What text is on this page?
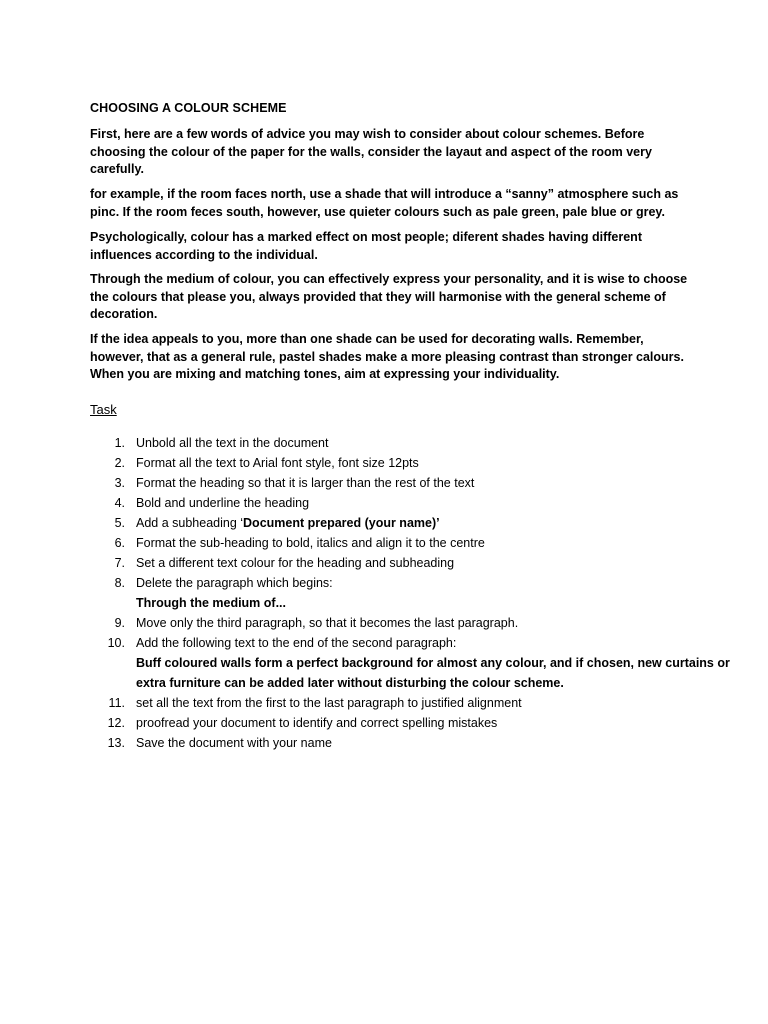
CHOOSING A COLOUR SCHEME

First, here are a few words of advice you may wish to consider about colour schemes. Before choosing the colour of the paper for the walls, consider the layaut and aspect of the room very carefully.

for example, if the room faces north, use a shade that will introduce a “sanny” atmosphere such as pinc. If the room feces south, however, use quieter colours such as pale green, pale blue or grey.

Psychologically, colour has a marked effect on most people; diferent shades having different influences according to the individual.

Through the medium of colour, you can effectively express your personality, and it is wise to choose the colours that please you, always provided that they will harmonise with the general scheme of decoration.

If the idea appeals to you, more than one shade can be used for decorating walls. Remember, however, that as a general rule, pastel shades make a more pleasing contrast than stronger calours. When you are mixing and matching tones, aim at expressing your individuality.

Task
1. Unbold all the text in the document
2. Format all the text to Arial font style, font size 12pts
3. Format the heading so that it is larger than the rest of the text
4. Bold and underline the heading
5. Add a subheading ‘Document prepared (your name)’
6. Format the sub-heading to bold, italics and align it to the centre
7. Set a different text colour for the heading and subheading
8. Delete the paragraph which begins:
Through the medium of...
9. Move only the third paragraph, so that it becomes the last paragraph.
10. Add the following text to the end of the second paragraph:
Buff coloured walls form a perfect background for almost any colour, and if chosen, new curtains or extra furniture can be added later without disturbing the colour scheme.
11. set all the text from the first to the last paragraph to justified alignment
12. proofread your document to identify and correct spelling mistakes
13. Save the document with your name
